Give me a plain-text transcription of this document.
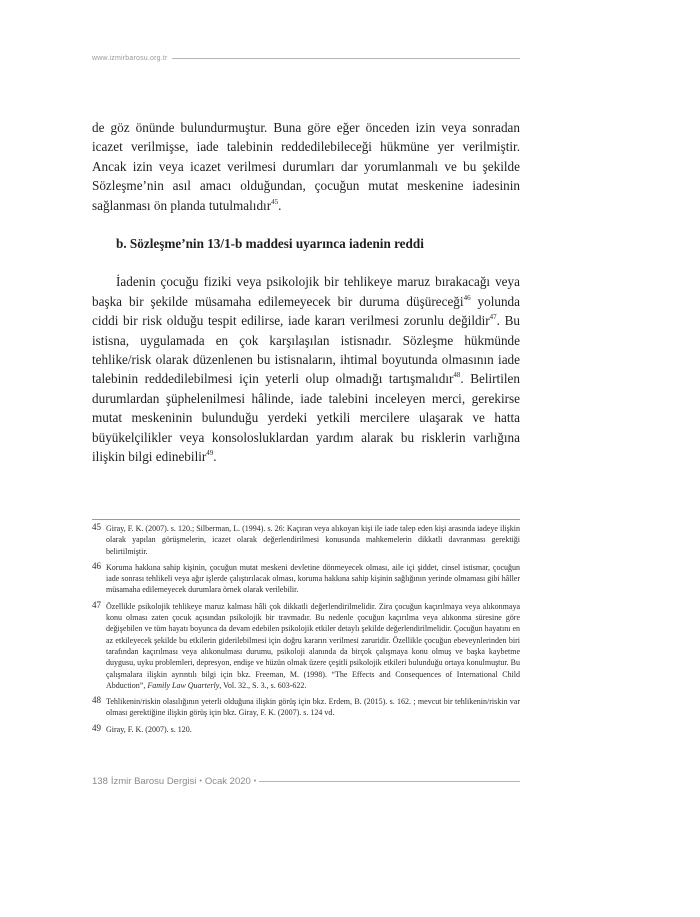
www.izmirbarosu.org.tr

de göz önünde bulundurmuştur. Buna göre eğer önceden izin veya sonradan icazet verilmişse, iade talebinin reddedilebileceği hükmüne yer verilmiştir. Ancak izin veya icazet verilmesi durumları dar yorumlanmalı ve bu şekilde Sözleşme’nin asıl amacı olduğundan, çocuğun mutat meskenine iadesinin sağlanması ön planda tutulmalıdır$^{45}$.

b. Sözleşme’nin 13/1-b maddesi uyarınca iadenin reddi

İadenin çocuğu fiziki veya psikolojik bir tehlikeye maruz bırakacağı veya başka bir şekilde müsamaha edilemeyecek bir duruma düşüreceği$^{46}$ yolunda ciddi bir risk olduğu tespit edilirse, iade kararı verilmesi zorunlu değildir$^{47}$. Bu istisna, uygulamada en çok karşılaşılan istisnadır. Sözleşme hükmünde tehlike/risk olarak düzenlenen bu istisnaların, ihtimal boyutunda olmasının iade talebinin reddedilebilmesi için yeterli olup olmadığı tartışmalıdır$^{48}$. Belirtilen durumlardan şüphelenilmesi hâlinde, iade talebini inceleyen merci, gerekirse mutat meskeninin bulunduğu yerdeki yetkili mercilere ulaşarak ve hatta büyükelçilikler veya konsolosluklardan yardım alarak bu risklerin varlığına ilişkin bilgi edinebilir$^{49}$.

45 Giray, F. K. (2007). s. 120.; Silberman, L. (1994). s. 26: Kaçıran veya alıkoyan kişi ile iade talep eden kişi arasında iadeye ilişkin olarak yapılan görüşmelerin, icazet olarak değerlendirilmesi konusunda mahkemelerin dikkatli davranması gerektiği belirtilmiştir.
46 Koruma hakkına sahip kişinin, çocuğun mutat meskeni devletine dönmeyecek olması, aile içi şiddet, cinsel istismar, çocuğun iade sonrası tehlikeli veya ağır işlerde çalıştırılacak olması, koruma hakkına sahip kişinin sağlığının yerinde olmaması gibi hâller müsamaha edilemeyecek durumlara örnek olarak verilebilir.
47 Özellikle psikolojik tehlikeye maruz kalması hâli çok dikkatli değerlendirilmelidir. Zira çocuğun kaçırılmaya veya alıkonmaya konu olması zaten çocuk açısından psikolojik bir travmadır. Bu nedenle çocuğun kaçırılma veya alıkonma süresine göre değişebilen ve tüm hayatı boyunca da devam edebilen psikolojik etkiler detaylı şekilde değerlendirilmelidir. Çocuğun hayatını en az etkileyecek şekilde bu etkilerin giderilebilmesi için doğru kararın verilmesi zaruridir. Özellikle çocuğun ebeveynlerinden biri tarafından kaçırılması veya alıkonulması durumu, psikoloji alanında da birçok çalışmaya konu olmuş ve başka kaybetme duygusu, uyku problemleri, depresyon, endişe ve hüzün olmak üzere çeşitli psikolojik etkileri bulunduğu ortaya konulmuştur. Bu çalışmalara ilişkin ayrıntılı bilgi için bkz. Freeman, M. (1998). “The Effects and Consequences of International Child Abduction”, Family Law Quarterly, Vol. 32., S. 3., s. 603-622.
48 Tehlikenin/riskin olasılığının yeterli olduğuna ilişkin görüş için bkz. Erdem, B. (2015). s. 162. ; mevcut bir tehlikenin/riskin var olması gerektiğine ilişkin görüş için bkz. Giray, F. K. (2007). s. 124 vd.
49 Giray, F. K. (2007). s. 120.
138 İzmir Barosu Dergisi • Ocak 2020 •
